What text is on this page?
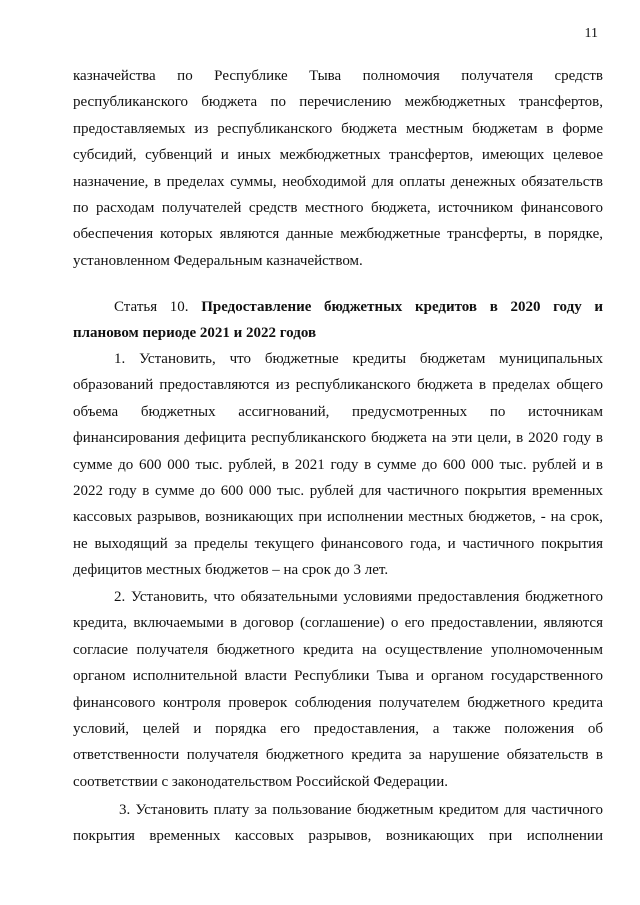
11
казначейства по Республике Тыва полномочия получателя средств
республиканского бюджета по перечислению межбюджетных трансфертов,
предоставляемых из республиканского бюджета местным бюджетам в форме
субсидий, субвенций и иных межбюджетных трансфертов, имеющих целевое
назначение, в пределах суммы, необходимой для оплаты денежных обязательств
по расходам получателей средств местного бюджета, источником финансового
обеспечения которых являются данные межбюджетные трансферты, в порядке,
установленном Федеральным казначейством.
Статья 10. Предоставление бюджетных кредитов в 2020 году и
плановом периоде 2021 и 2022 годов
1. Установить, что бюджетные кредиты бюджетам муниципальных
образований предоставляются из республиканского бюджета в пределах общего
объема бюджетных ассигнований, предусмотренных по источникам
финансирования дефицита республиканского бюджета на эти цели, в 2020 году в
сумме до 600 000 тыс. рублей, в 2021 году в сумме до 600 000 тыс. рублей и в
2022 году в сумме до 600 000 тыс. рублей для частичного покрытия временных
кассовых разрывов, возникающих при исполнении местных бюджетов, - на срок,
не выходящий за пределы текущего финансового года, и частичного покрытия
дефицитов местных бюджетов – на срок до 3 лет.
2. Установить, что обязательными условиями предоставления бюджетного
кредита, включаемыми в договор (соглашение) о его предоставлении, являются
согласие получателя бюджетного кредита на осуществление уполномоченным
органом исполнительной власти Республики Тыва и органом государственного
финансового контроля проверок соблюдения получателем бюджетного кредита
условий, целей и порядка его предоставления, а также положения об
ответственности получателя бюджетного кредита за нарушение обязательств в
соответствии с законодательством Российской Федерации.
3. Установить плату за пользование бюджетным кредитом для частичного
покрытия временных кассовых разрывов, возникающих при исполнении
